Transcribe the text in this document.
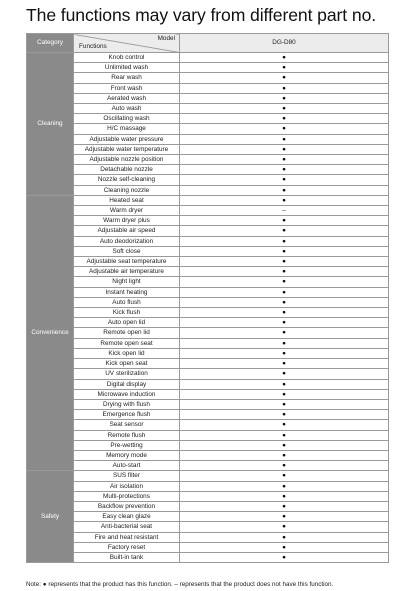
The functions may vary from different part no.
Category	Model
Functions	DG-D80
Cleaning	Knob control	●
	Unlimited wash	●
	Rear wash	●
	Front wash	●
	Aerated wash	●
	Auto wash	●
	Oscillating wash	●
	H/C massage	●
	Adjustable water pressure	●
	Adjustable water temperature	●
	Adjustable nozzle position	●
	Detachable nozzle	●
	Nozzle self-cleaning	●
	Cleaning nozzle	●
Convenience	Heated seat	●
	Warm dryer	–
	Warm dryer plus	●
	Adjustable air speed	●
	Auto deodorization	●
	Soft close	●
	Adjustable seat temperature	●
	Adjustable air temperature	●
	Night light	●
	Instant heating	●
	Auto flush	●
	Kick flush	●
	Auto open lid	●
	Remote open lid	●
	Remote open seat	●
	Kick open lid	●
	Kick open seat	●
	UV sterilization	●
	Digital display	●
	Microwave induction	●
	Drying with flush	●
	Emergence flush	●
	Seat sensor	●
	Remote flush	●
	Pre-wetting	●
	Memory mode	●
	Auto-start	●
Safety	SUS filter	●
	Air isolation	●
	Multi-protections	●
	Backflow prevention	●
	Easy clean glaze	●
	Anti-bacterial seat	●
	Fire and heat resistant	●
	Factory reset	●
	Built-in tank	●
Note: ● represents that the product has this function. – represents that the product does not have this function.
